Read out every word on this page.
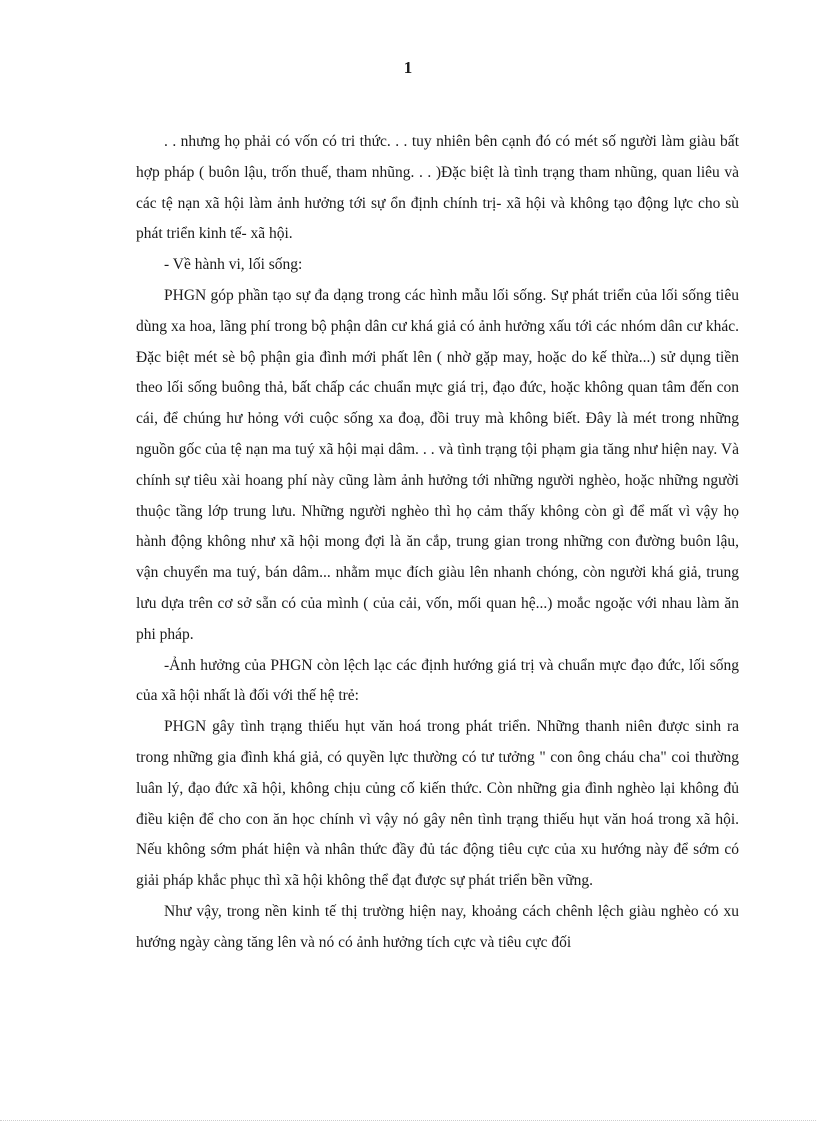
1

. . nhưng họ phải có vốn có tri thức. . . tuy nhiên bên cạnh đó có mét số người làm giàu bất hợp pháp ( buôn lậu, trốn thuế, tham nhũng. . . )Đặc biệt là tình trạng tham nhũng, quan liêu và các tệ nạn xã hội làm ảnh hưởng tới sự ổn định chính trị- xã hội và không tạo động lực cho sù phát triển kinh tế- xã hội.

- Về hành vi, lối sống:

PHGN góp phần tạo sự đa dạng trong các hình mẫu lối sống. Sự phát triển của lối sống tiêu dùng xa hoa, lãng phí trong bộ phận dân cư khá giả có ảnh hưởng xấu tới các nhóm dân cư khác. Đặc biệt mét sè bộ phận gia đình mới phất lên ( nhờ gặp may, hoặc do kế thừa...) sử dụng tiền theo lối sống buông thả, bất chấp các chuẩn mực giá trị, đạo đức, hoặc không quan tâm đến con cái, để chúng hư hỏng với cuộc sống xa đoạ, đồi truy mà không biết. Đây là mét trong những nguồn gốc của tệ nạn ma tuý xã hội mại dâm. . . và tình trạng tội phạm gia tăng như hiện nay. Và chính sự tiêu xài hoang phí này cũng làm ảnh hưởng tới những người nghèo, hoặc những người thuộc tầng lớp trung lưu. Những người nghèo thì họ cảm thấy không còn gì để mất vì vậy họ hành động không như xã hội mong đợi là ăn cắp, trung gian trong những con đường buôn lậu, vận chuyển ma tuý, bán dâm... nhằm mục đích giàu lên nhanh chóng, còn người khá giả, trung lưu dựa trên cơ sở sẵn có của mình ( của cải, vốn, mối quan hệ...) moắc ngoặc với nhau làm ăn phi pháp.

-Ảnh hưởng của PHGN còn lệch lạc các định hướng giá trị và chuẩn mực đạo đức, lối sống của xã hội nhất là đối với thế hệ trẻ:

PHGN gây tình trạng thiếu hụt văn hoá trong phát triển. Những thanh niên được sinh ra trong những gia đình khá giả, có quyền lực thường có tư tưởng " con ông cháu cha" coi thường luân lý, đạo đức xã hội, không chịu củng cố kiến thức. Còn những gia đình nghèo lại không đủ điều kiện để cho con ăn học chính vì vậy nó gây nên tình trạng thiếu hụt văn hoá trong xã hội. Nếu không sớm phát hiện và nhân thức đầy đủ tác động tiêu cực của xu hướng này để sớm có giải pháp khắc phục thì xã hội không thể đạt được sự phát triển bền vững.

Như vậy, trong nền kinh tế thị trường hiện nay, khoảng cách chênh lệch giàu nghèo có xu hướng ngày càng tăng lên và nó có ảnh hưởng tích cực và tiêu cực đối
